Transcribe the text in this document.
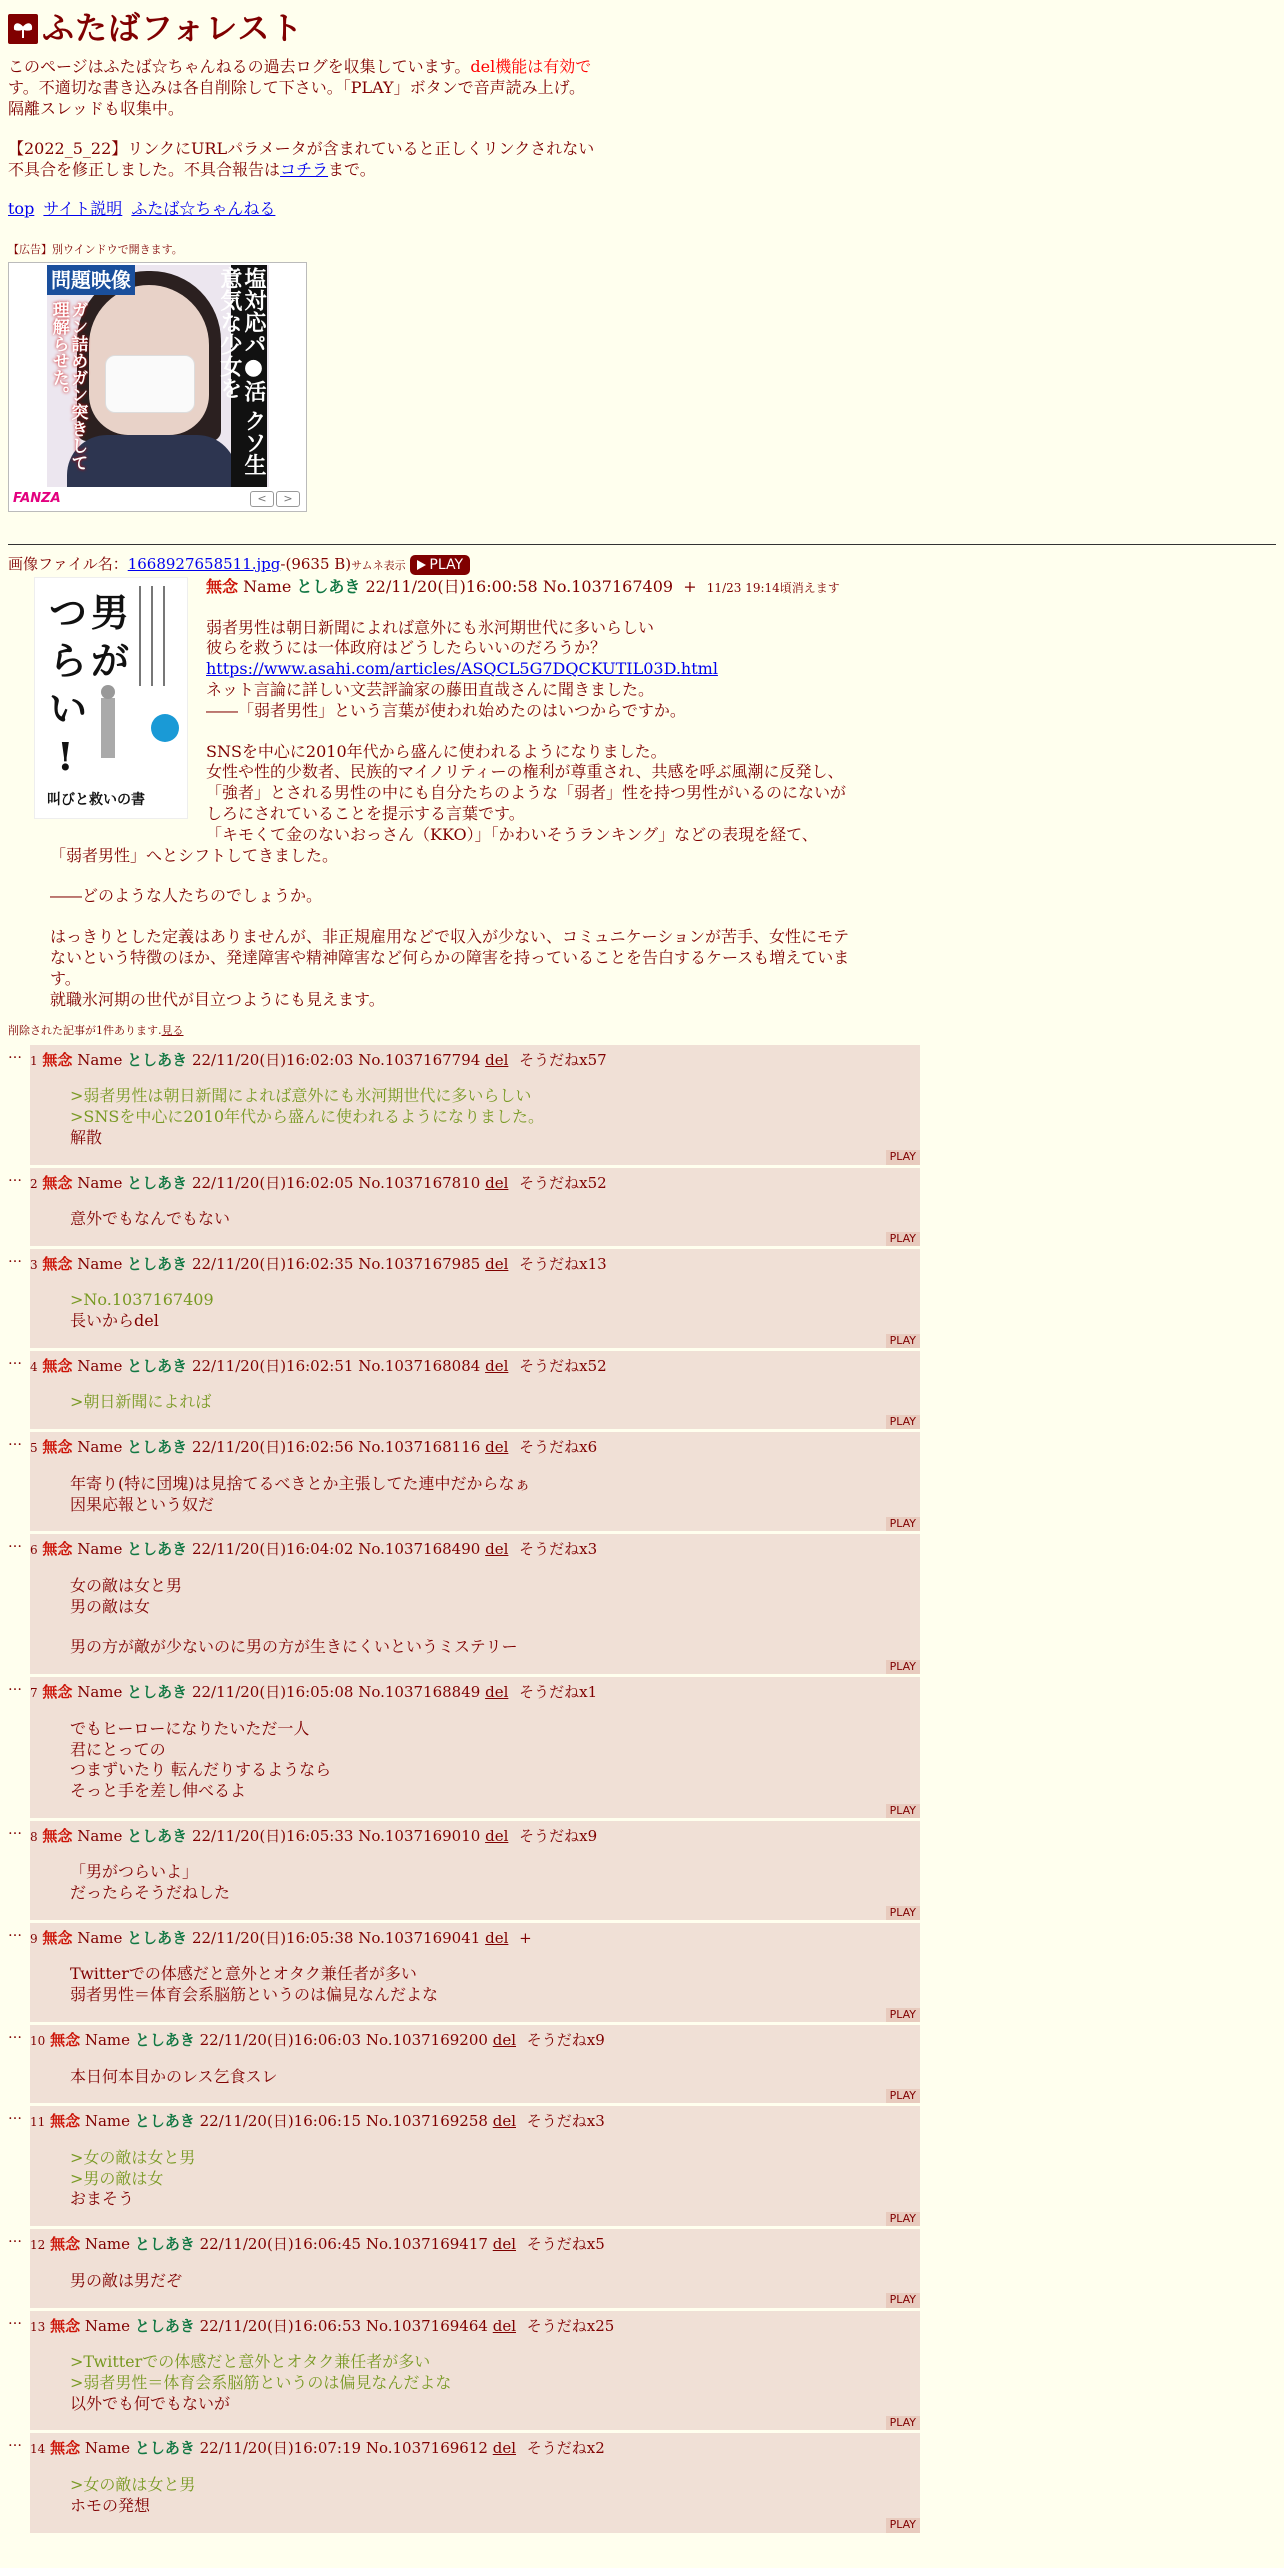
ふたばフォレスト
このページはふたば☆ちゃんねるの過去ログを収集しています。del機能は有効です。不適切な書き込みは各自削除して下さい。「PLAY」ボタンで音声読み上げ。
隔離スレッドも収集中。
【2022_5_22】リンクにURLパラメータが含まれていると正しくリンクされない不具合を修正しました。不具合報告はコチラまで。
top サイト説明 ふたば☆ちゃんねる
【広告】別ウインドウで開きます。
問題映像
ガン詰めガン突きして理解らせた。	塩対応パ●活 クソ生意気な少女を
FANZA	<	>
画像ファイル名：1668927658511.jpg-(9635 B)サムネ表示 PLAY
つ
ら
い
!
男
が
叫びと救いの書
無念 Name としあき 22/11/20(日)16:00:58 No.1037167409 + 11/23 19:14頃消えます
弱者男性は朝日新聞によれば意外にも氷河期世代に多いらしい
彼らを救うには一体政府はどうしたらいいのだろうか？
https://www.asahi.com/articles/ASQCL5G7DQCKUTIL03D.html
ネット言論に詳しい文芸評論家の藤田直哉さんに聞きました。
――「弱者男性」という言葉が使われ始めたのはいつからですか。
SNSを中心に2010年代から盛んに使われるようになりました。
女性や性的少数者、民族的マイノリティーの権利が尊重され、共感を呼ぶ風潮に反発し、
「強者」とされる男性の中にも自分たちのような「弱者」性を持つ男性がいるのにないが
しろにされていることを提示する言葉です。
「キモくて金のないおっさん（KKO）」「かわいそうランキング」などの表現を経て、
「弱者男性」へとシフトしてきました。
――どのような人たちのでしょうか。
はっきりとした定義はありませんが、非正規雇用などで収入が少ない、コミュニケーションが苦手、女性にモテ
ないという特徴のほか、発達障害や精神障害など何らかの障害を持っていることを告白するケースも増えていま
す。
就職氷河期の世代が目立つようにも見えます。
削除された記事が1件あります.見る
… 1 無念 Name としあき 22/11/20(日)16:02:03 No.1037167794 del そうだねx57
>弱者男性は朝日新聞によれば意外にも氷河期世代に多いらしい
>SNSを中心に2010年代から盛んに使われるようになりました。
解散
PLAY
… 2 無念 Name としあき 22/11/20(日)16:02:05 No.1037167810 del そうだねx52
意外でもなんでもない
PLAY
… 3 無念 Name としあき 22/11/20(日)16:02:35 No.1037167985 del そうだねx13
>No.1037167409
長いからdel
PLAY
… 4 無念 Name としあき 22/11/20(日)16:02:51 No.1037168084 del そうだねx52
>朝日新聞によれば
PLAY
… 5 無念 Name としあき 22/11/20(日)16:02:56 No.1037168116 del そうだねx6
年寄り(特に団塊)は見捨てるべきとか主張してた連中だからなぁ
因果応報という奴だ
PLAY
… 6 無念 Name としあき 22/11/20(日)16:04:02 No.1037168490 del そうだねx3
女の敵は女と男
男の敵は女
男の方が敵が少ないのに男の方が生きにくいというミステリー
PLAY
… 7 無念 Name としあき 22/11/20(日)16:05:08 No.1037168849 del そうだねx1
でもヒーローになりたいただ一人
君にとっての
つまずいたり 転んだりするようなら
そっと手を差し伸べるよ
PLAY
… 8 無念 Name としあき 22/11/20(日)16:05:33 No.1037169010 del そうだねx9
「男がつらいよ」
だったらそうだねした
PLAY
… 9 無念 Name としあき 22/11/20(日)16:05:38 No.1037169041 del +
Twitterでの体感だと意外とオタク兼任者が多い
弱者男性＝体育会系脳筋というのは偏見なんだよな
PLAY
… 10 無念 Name としあき 22/11/20(日)16:06:03 No.1037169200 del そうだねx9
本日何本目かのレス乞食スレ
PLAY
… 11 無念 Name としあき 22/11/20(日)16:06:15 No.1037169258 del そうだねx3
>女の敵は女と男
>男の敵は女
おまそう
PLAY
… 12 無念 Name としあき 22/11/20(日)16:06:45 No.1037169417 del そうだねx5
男の敵は男だぞ
PLAY
… 13 無念 Name としあき 22/11/20(日)16:06:53 No.1037169464 del そうだねx25
>Twitterでの体感だと意外とオタク兼任者が多い
>弱者男性＝体育会系脳筋というのは偏見なんだよな
以外でも何でもないが
PLAY
… 14 無念 Name としあき 22/11/20(日)16:07:19 No.1037169612 del そうだねx2
>女の敵は女と男
ホモの発想
PLAY
